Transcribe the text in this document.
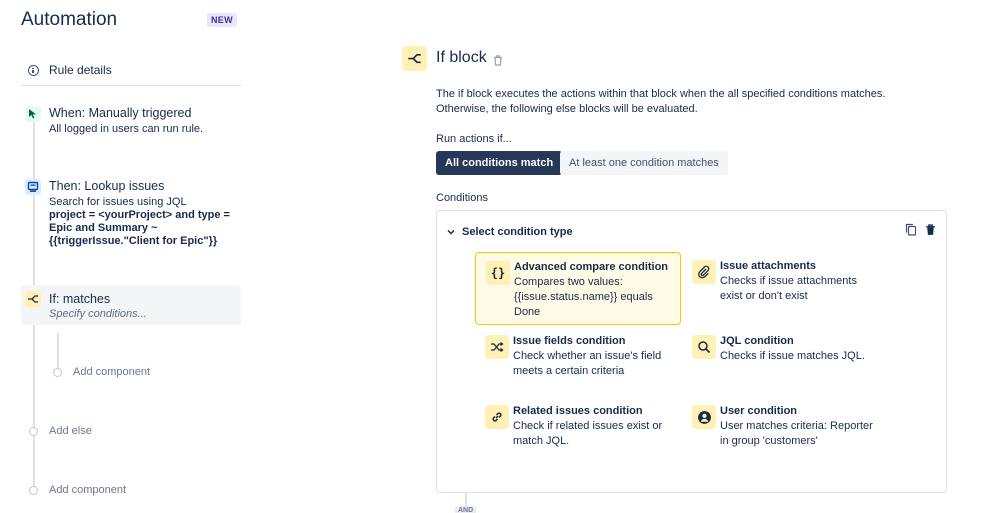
Automation	NEW
Rule details
When: Manually triggered
All logged in users can run rule.
Then: Lookup issues
Search for issues using JQL
project = <yourProject> and type = Epic and Summary ~ {{triggerIssue."Client for Epic"}}
If: matches
Specify conditions...
Add component
Add else
Add component
If block

The if block executes the actions within that block when the all specified conditions matches. Otherwise, the following else blocks will be evaluated.

Run actions if...
All conditions match	At least one condition matches
Conditions
Select condition type
{} Advanced compare condition
Compares two values: {{issue.status.name}} equals Done
Issue attachments
Checks if issue attachments exist or don't exist
Issue fields condition
Check whether an issue's field meets a certain criteria
JQL condition
Checks if issue matches JQL.
Related issues condition
Check if related issues exist or match JQL.
User condition
User matches criteria: Reporter in group 'customers'
AND
